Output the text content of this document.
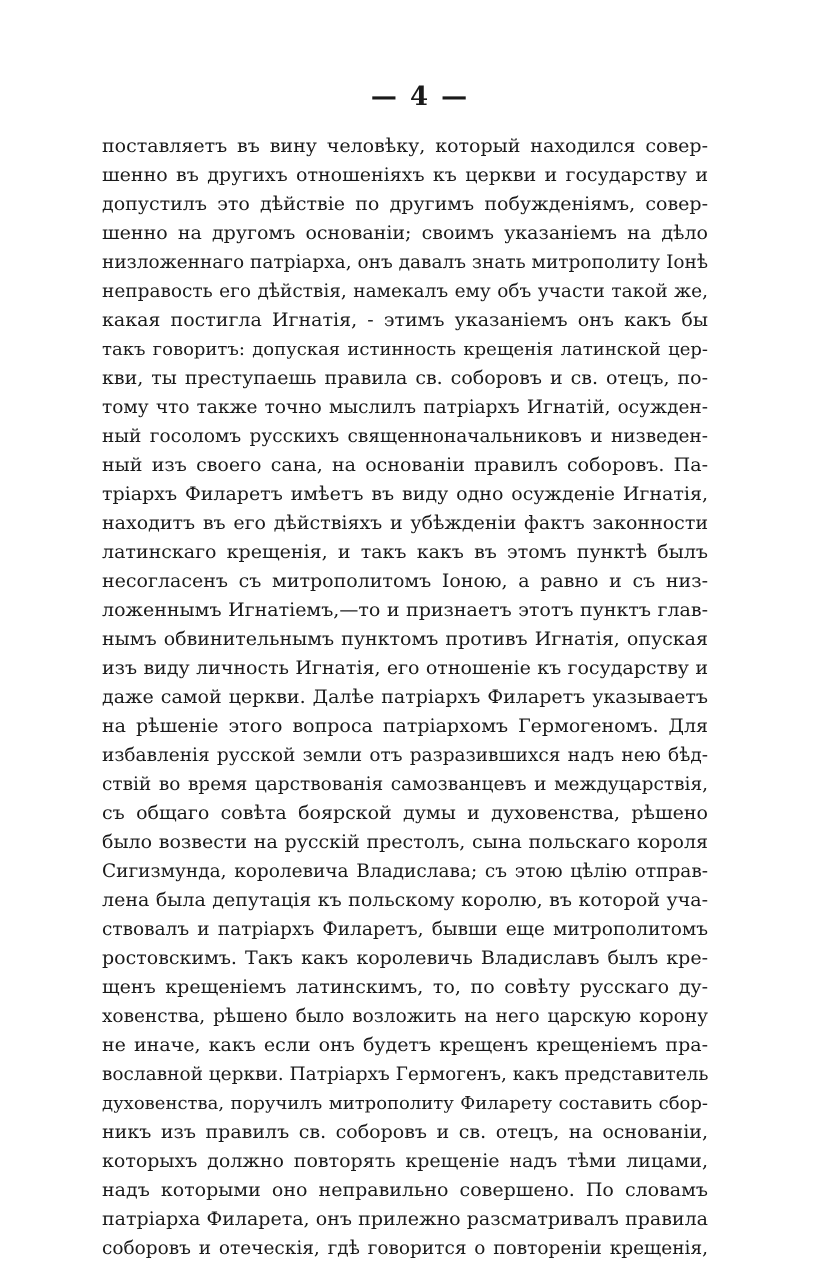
— 4 —
поставляетъ въ вину человѣку, который находился совер-
шенно въ другихъ отношеніяхъ къ церкви и государству и
допустилъ это дѣйствіе по другимъ побужденіямъ, совер-
шенно на другомъ основаніи; своимъ указаніемъ на дѣло
низложеннаго патріарха, онъ давалъ знать митрополиту Іонѣ
неправость его дѣйствія, намекалъ ему объ участи такой же,
какая постигла Игнатія, - этимъ указаніемъ онъ какъ бы
такъ говоритъ: допуская истинность крещенія латинской цер-
кви, ты преступаешь правила св. соборовъ и св. отецъ, по-
тому что также точно мыслилъ патріархъ Игнатій, осужден-
ный госоломъ русскихъ священноначальниковъ и низведен-
ный изъ своего сана, на основаніи правилъ соборовъ. Па-
тріархъ Филаретъ имѣетъ въ виду одно осужденіе Игнатія,
находитъ въ его дѣйствіяхъ и убѣжденіи фактъ законности
латинскаго крещенія, и такъ какъ въ этомъ пунктѣ былъ
несогласенъ съ митрополитомъ Іоною, а равно и съ низ-
ложеннымъ Игнатіемъ,—то и признаетъ этотъ пунктъ глав-
нымъ обвинительнымъ пунктомъ противъ Игнатія, опуская
изъ виду личность Игнатія, его отношеніе къ государству и
даже самой церкви. Далѣе патріархъ Филаретъ указываетъ
на рѣшеніе этого вопроса патріархомъ Гермогеномъ. Для
избавленія русской земли отъ разразившихся надъ нею бѣд-
ствій во время царствованія самозванцевъ и междуцарствія,
съ общаго совѣта боярской думы и духовенства, рѣшено
было возвести на русскій престолъ, сына польскаго короля
Сигизмунда, королевича Владислава; съ этою цѣлію отправ-
лена была депутація къ польскому королю, въ которой уча-
ствовалъ и патріархъ Филаретъ, бывши еще митрополитомъ
ростовскимъ. Такъ какъ королевичь Владиславъ былъ кре-
щенъ крещеніемъ латинскимъ, то, по совѣту русскаго ду-
ховенства, рѣшено было возложить на него царскую корону
не иначе, какъ если онъ будетъ крещенъ крещеніемъ пра-
вославной церкви. Патріархъ Гермогенъ, какъ представитель
духовенства, поручилъ митрополиту Филарету составить сбор-
никъ изъ правилъ св. соборовъ и св. отецъ, на основаніи,
которыхъ должно повторять крещеніе надъ тѣми лицами,
надъ которыми оно неправильно совершено. По словамъ
патріарха Филарета, онъ прилежно разсматривалъ правила
соборовъ и отеческія, гдѣ говорится о повтореніи крещенія,
